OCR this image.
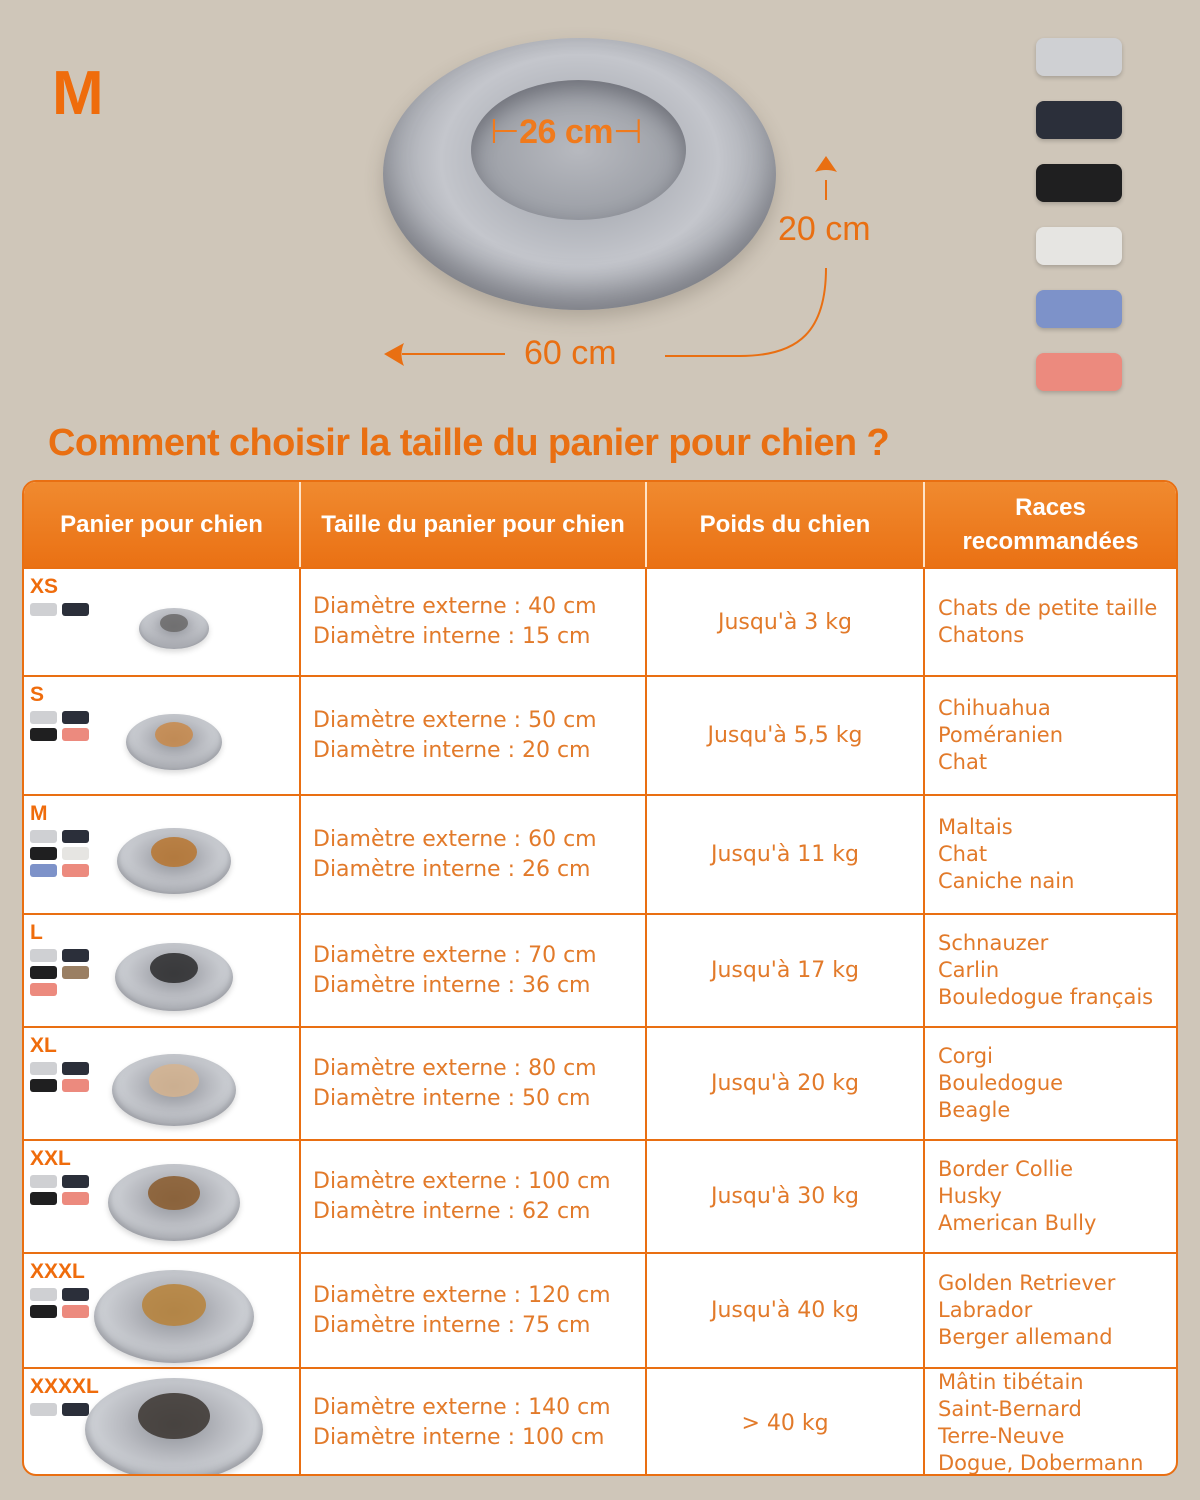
M
⊢26 cm⊣
20 cm
60 cm
Comment choisir la taille du panier pour chien ?
Panier pour chien	Taille du panier pour chien	Poids du chien
Races recommandées
XS
Diamètre externe : 40 cm
Diamètre interne : 15 cm
Jusqu'à 3 kg
Chats de petite taille
Chatons
S
Diamètre externe : 50 cm
Diamètre interne : 20 cm
Jusqu'à 5,5 kg
Chihuahua
Poméranien
Chat
M
Diamètre externe : 60 cm
Diamètre interne : 26 cm
Jusqu'à 11 kg
Maltais
Chat
Caniche nain
L
Diamètre externe : 70 cm
Diamètre interne : 36 cm
Jusqu'à 17 kg
Schnauzer
Carlin
Bouledogue français
XL
Diamètre externe : 80 cm
Diamètre interne : 50 cm
Jusqu'à 20 kg
Corgi
Bouledogue
Beagle
XXL
Diamètre externe : 100 cm
Diamètre interne : 62 cm
Jusqu'à 30 kg
Border Collie
Husky
American Bully
XXXL
Diamètre externe : 120 cm
Diamètre interne : 75 cm
Jusqu'à 40 kg
Golden Retriever
Labrador
Berger allemand
XXXXL
Diamètre externe : 140 cm
Diamètre interne : 100 cm
> 40 kg
Mâtin tibétain
Saint-Bernard
Terre-Neuve
Dogue, Dobermann
